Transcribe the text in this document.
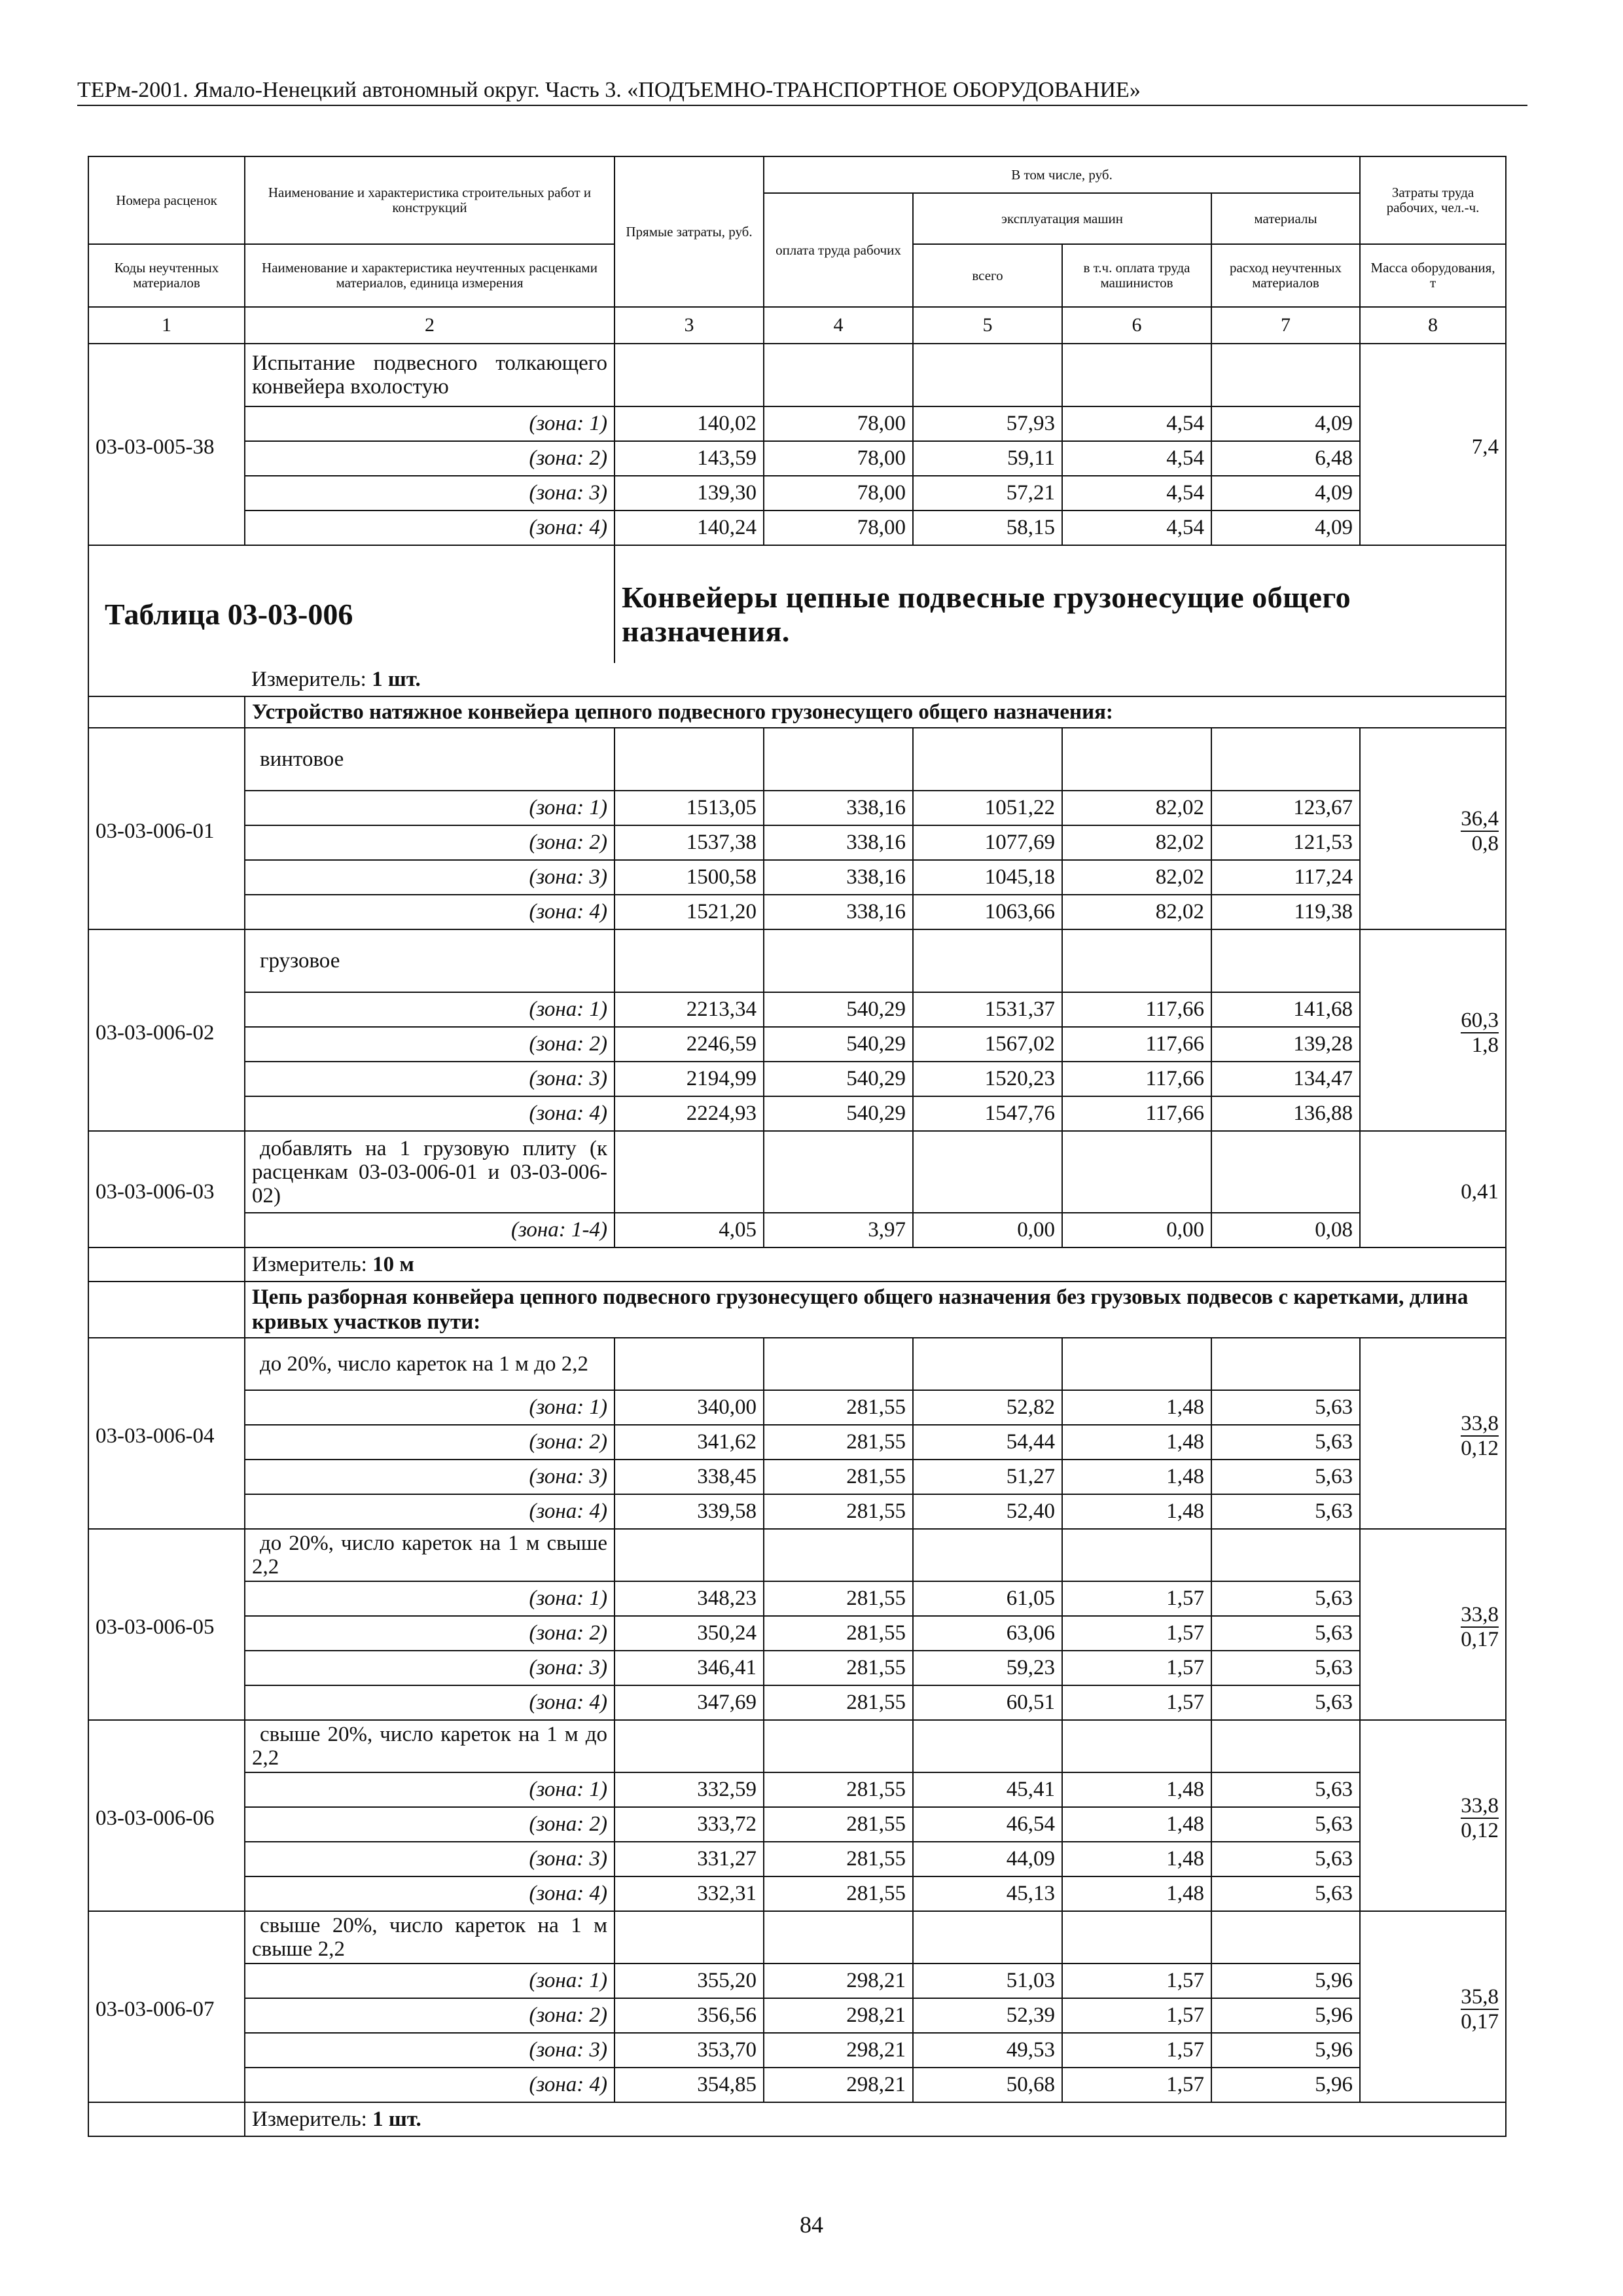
ТЕРм-2001. Ямало-Ненецкий автономный округ. Часть 3. «ПОДЪЕМНО-ТРАНСПОРТНОЕ ОБОРУДОВАНИЕ»
Номера расценок	Наименование и характеристика строительных работ и конструкций	Прямые затраты, руб.	В том числе, руб.				Затраты труда рабочих, чел.-ч.
			оплата труда рабочих	эксплуатация машин		материалы	
Коды неучтенных материалов	Наименование и характеристика неучтенных расценками материалов, единица измерения			всего	в т.ч. оплата труда машинистов	расход неучтенных материалов	Масса оборудования, т
1	2	3	4	5	6	7	8
03-03-005-38	Испытание подвесного толкающего конвейера вхолостую						7,4
	(зона: 1)	140,02	78,00	57,93	4,54	4,09	
	(зона: 2)	143,59	78,00	59,11	4,54	6,48	
	(зона: 3)	139,30	78,00	57,21	4,54	4,09	
	(зона: 4)	140,24	78,00	58,15	4,54	4,09	
Таблица 03-03-006		Конвейеры цепные подвесные грузонесущие общего назначения.					
	Измеритель: 1 шт.						
	Устройство натяжное конвейера цепного подвесного грузонесущего общего назначения:						
03-03-006-01	винтовое						$\frac{36,4}{0,8}$

	(зона: 1)	1513,05	338,16	1051,22	82,02	123,67	
	(зона: 2)	1537,38	338,16	1077,69	82,02	121,53	
	(зона: 3)	1500,58	338,16	1045,18	82,02	117,24	
	(зона: 4)	1521,20	338,16	1063,66	82,02	119,38	
03-03-006-02	грузовое						$\frac{60,3}{1,8}$

	(зона: 1)	2213,34	540,29	1531,37	117,66	141,68	
	(зона: 2)	2246,59	540,29	1567,02	117,66	139,28	
	(зона: 3)	2194,99	540,29	1520,23	117,66	134,47	
	(зона: 4)	2224,93	540,29	1547,76	117,66	136,88	
03-03-006-03	добавлять на 1 грузовую плиту (к расценкам 03-03-006-01 и 03-03-006-02)						0,41
	(зона: 1-4)	4,05	3,97	0,00	0,00	0,08	
	Измеритель: 10 м						
	Цепь разборная конвейера цепного подвесного грузонесущего общего назначения без грузовых подвесов с каретками, длина кривых участков пути:						
03-03-006-04	до 20%, число кареток на 1 м до 2,2						$\frac{33,8}{0,12}$

	(зона: 1)	340,00	281,55	52,82	1,48	5,63	
	(зона: 2)	341,62	281,55	54,44	1,48	5,63	
	(зона: 3)	338,45	281,55	51,27	1,48	5,63	
	(зона: 4)	339,58	281,55	52,40	1,48	5,63	
03-03-006-05	до 20%, число кареток на 1 м свыше 2,2						$\frac{33,8}{0,17}$

	(зона: 1)	348,23	281,55	61,05	1,57	5,63	
	(зона: 2)	350,24	281,55	63,06	1,57	5,63	
	(зона: 3)	346,41	281,55	59,23	1,57	5,63	
	(зона: 4)	347,69	281,55	60,51	1,57	5,63	
03-03-006-06	свыше 20%, число кареток на 1 м до 2,2						$\frac{33,8}{0,12}$

	(зона: 1)	332,59	281,55	45,41	1,48	5,63	
	(зона: 2)	333,72	281,55	46,54	1,48	5,63	
	(зона: 3)	331,27	281,55	44,09	1,48	5,63	
	(зона: 4)	332,31	281,55	45,13	1,48	5,63	
03-03-006-07	свыше 20%, число кареток на 1 м свыше 2,2						$\frac{35,8}{0,17}$

	(зона: 1)	355,20	298,21	51,03	1,57	5,96	
	(зона: 2)	356,56	298,21	52,39	1,57	5,96	
	(зона: 3)	353,70	298,21	49,53	1,57	5,96	
	(зона: 4)	354,85	298,21	50,68	1,57	5,96	
	Измеритель: 1 шт.						
84
